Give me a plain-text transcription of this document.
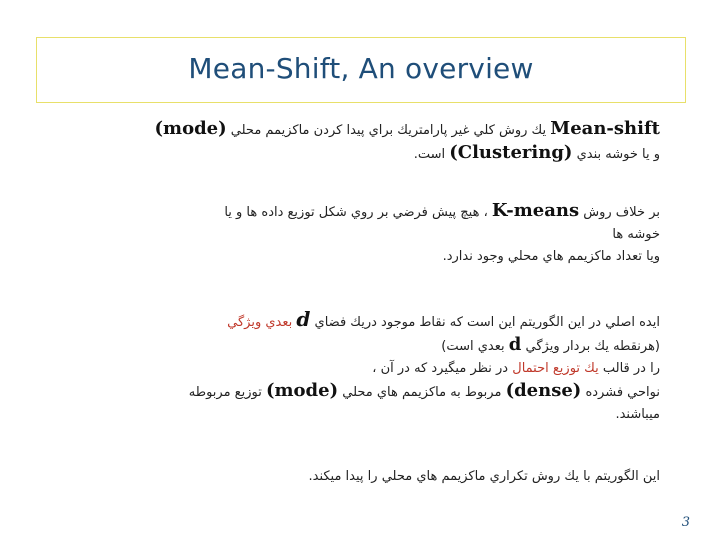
Mean-Shift, An overview
Mean-shift يك روش كلي غير پارامتريك براي پيدا كردن ماكزيمم محلي (mode)
و يا خوشه بندي (Clustering) است.
بر خلاف روش K-means ، هيچ پيش فرضي بر روي شكل توزيع داده ها و يا
خوشه ها
ويا تعداد ماكزيمم هاي محلي وجود ندارد.
ايده اصلي در اين الگوريتم اين است كه نقاط موجود دريك فضاي d بعدي ويژگي
(هرنقطه يك بردار ويژگي d بعدي است)
را در قالب يك توزيع احتمال در نظر ميگيرد كه در آن ،
نواحي فشرده (dense) مربوط به ماكزيمم هاي محلي (mode) توزيع مربوطه
ميباشند.
اين الگوريتم با يك روش تكراري ماكزيمم هاي محلي را پيدا ميكند.
3
